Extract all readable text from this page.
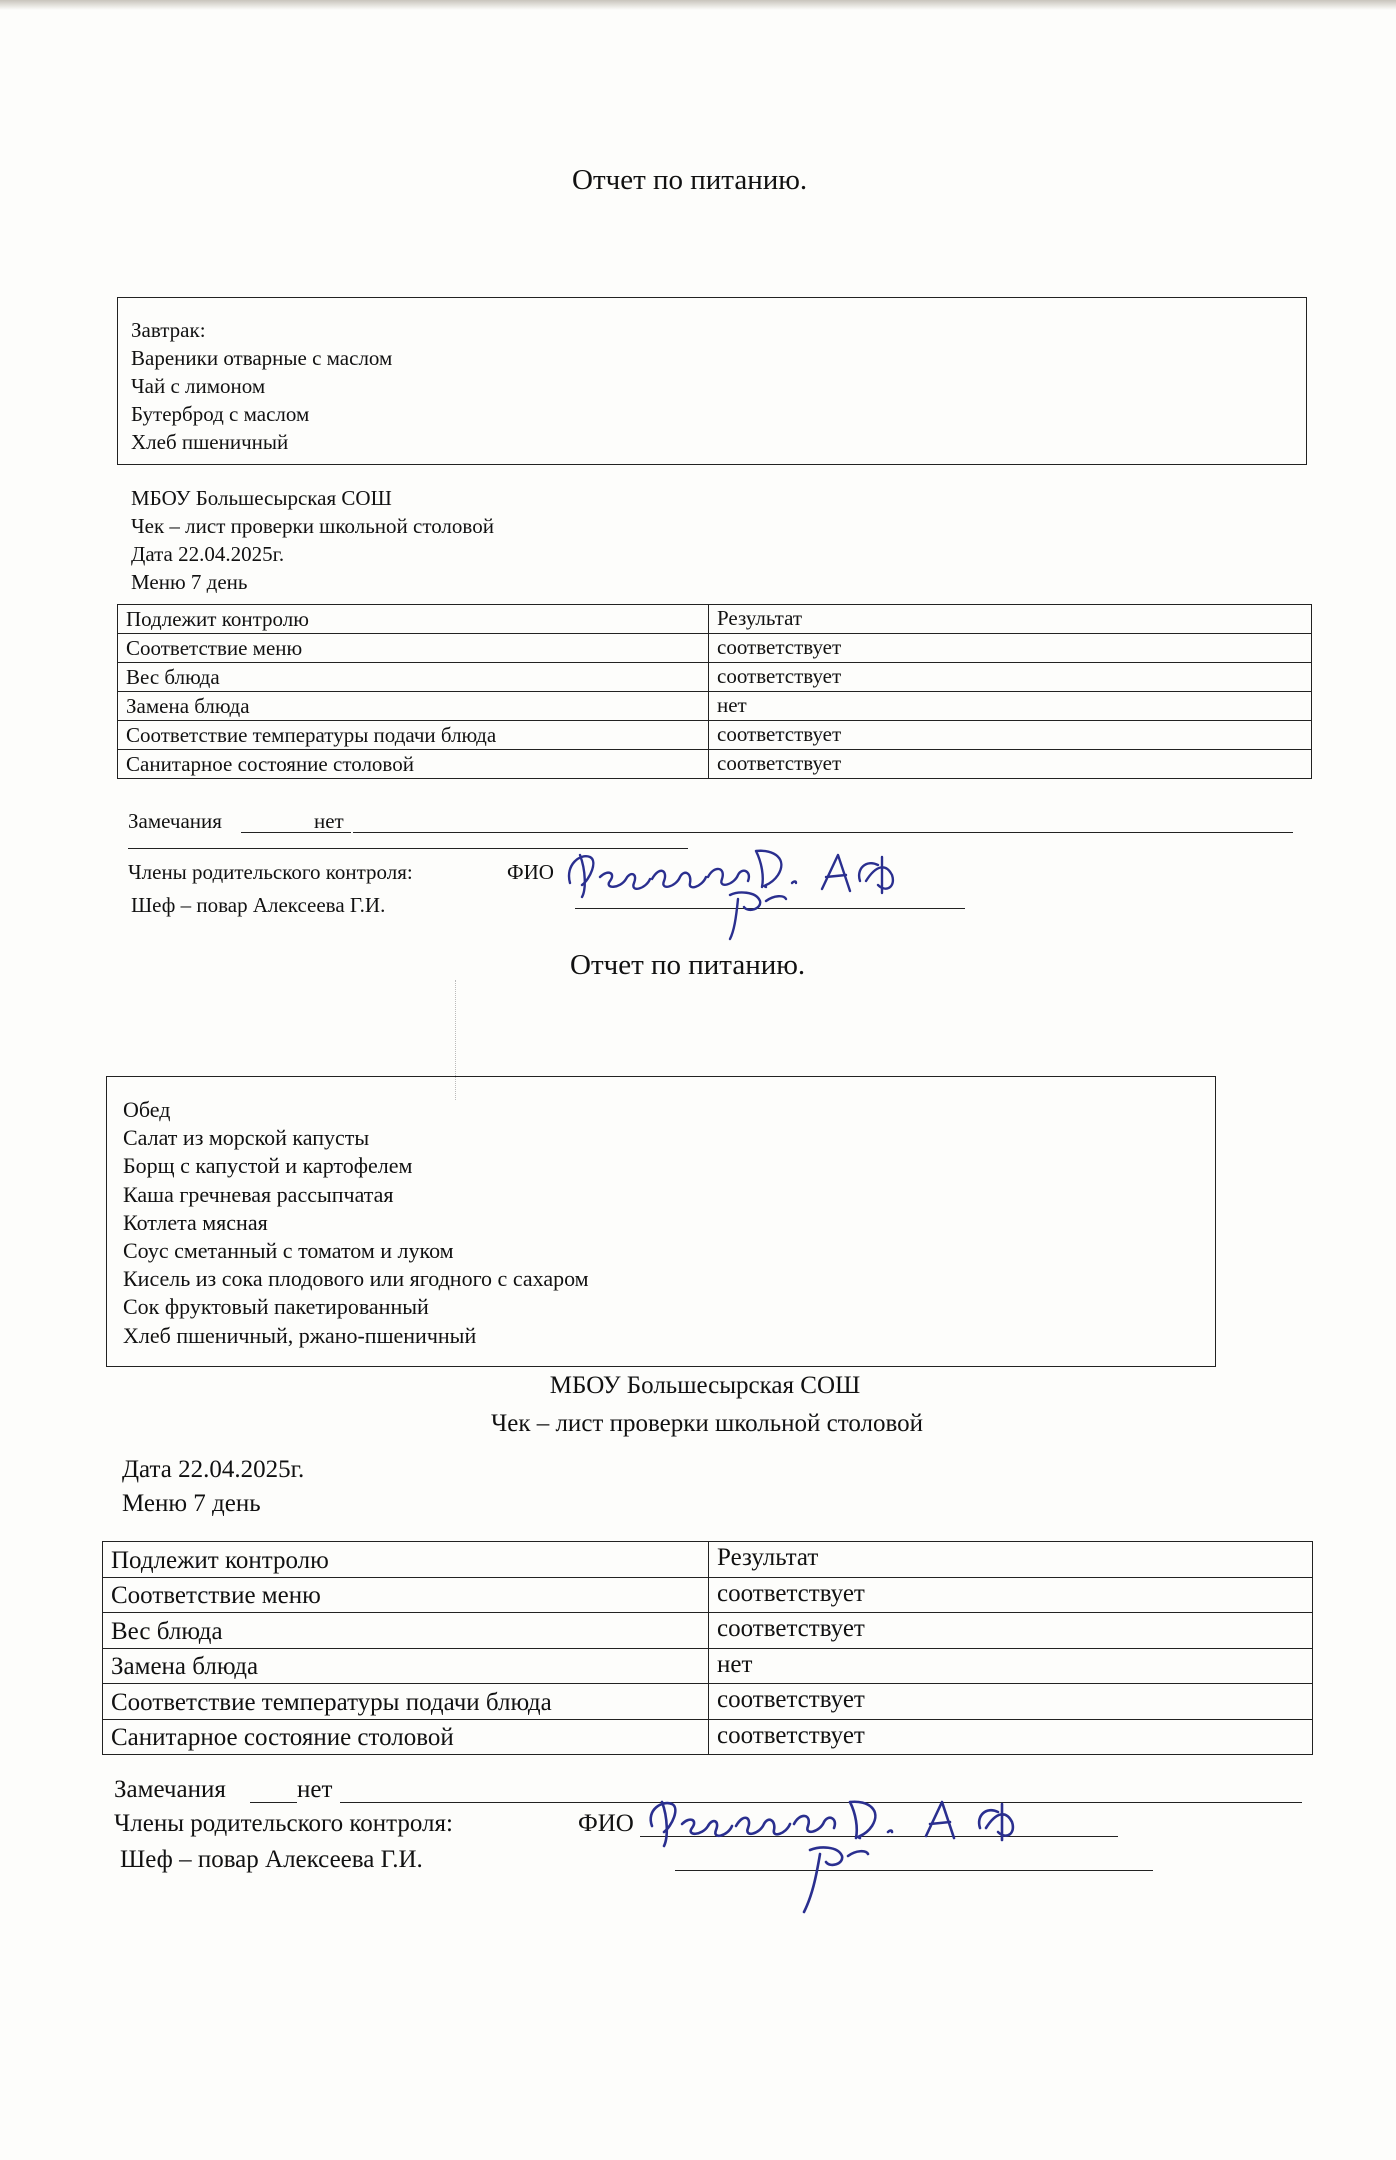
Отчет по питанию.
Завтрак:
Вареники отварные с маслом
Чай с лимоном
Бутерброд с маслом
Хлеб пшеничный
МБОУ Большесырская СОШ
Чек – лист проверки школьной столовой
Дата 22.04.2025г.
Меню 7 день
Подлежит контролю	Результат
Соответствие меню	соответствует
Вес блюда	соответствует
Замена блюда	нет
Соответствие температуры подачи блюда	соответствует
Санитарное состояние столовой	соответствует
Замечания	нет
Члены родительского контроля:	ФИО
Шеф – повар Алексеева Г.И.
Отчет по питанию.
Обед
Салат из морской капусты
Борщ с капустой и картофелем
Каша гречневая рассыпчатая
Котлета мясная
Соус сметанный с томатом и луком
Кисель из сока плодового или ягодного с сахаром
Сок фруктовый пакетированный
Хлеб пшеничный, ржано-пшеничный
МБОУ Большесырская СОШ
Чек – лист проверки школьной столовой
Дата 22.04.2025г.
Меню 7 день
Подлежит контролю	Результат
Соответствие меню	соответствует
Вес блюда	соответствует
Замена блюда	нет
Соответствие температуры подачи блюда	соответствует
Санитарное состояние столовой	соответствует
Замечания	нет
Члены родительского контроля:	ФИО
Шеф – повар Алексеева Г.И.
